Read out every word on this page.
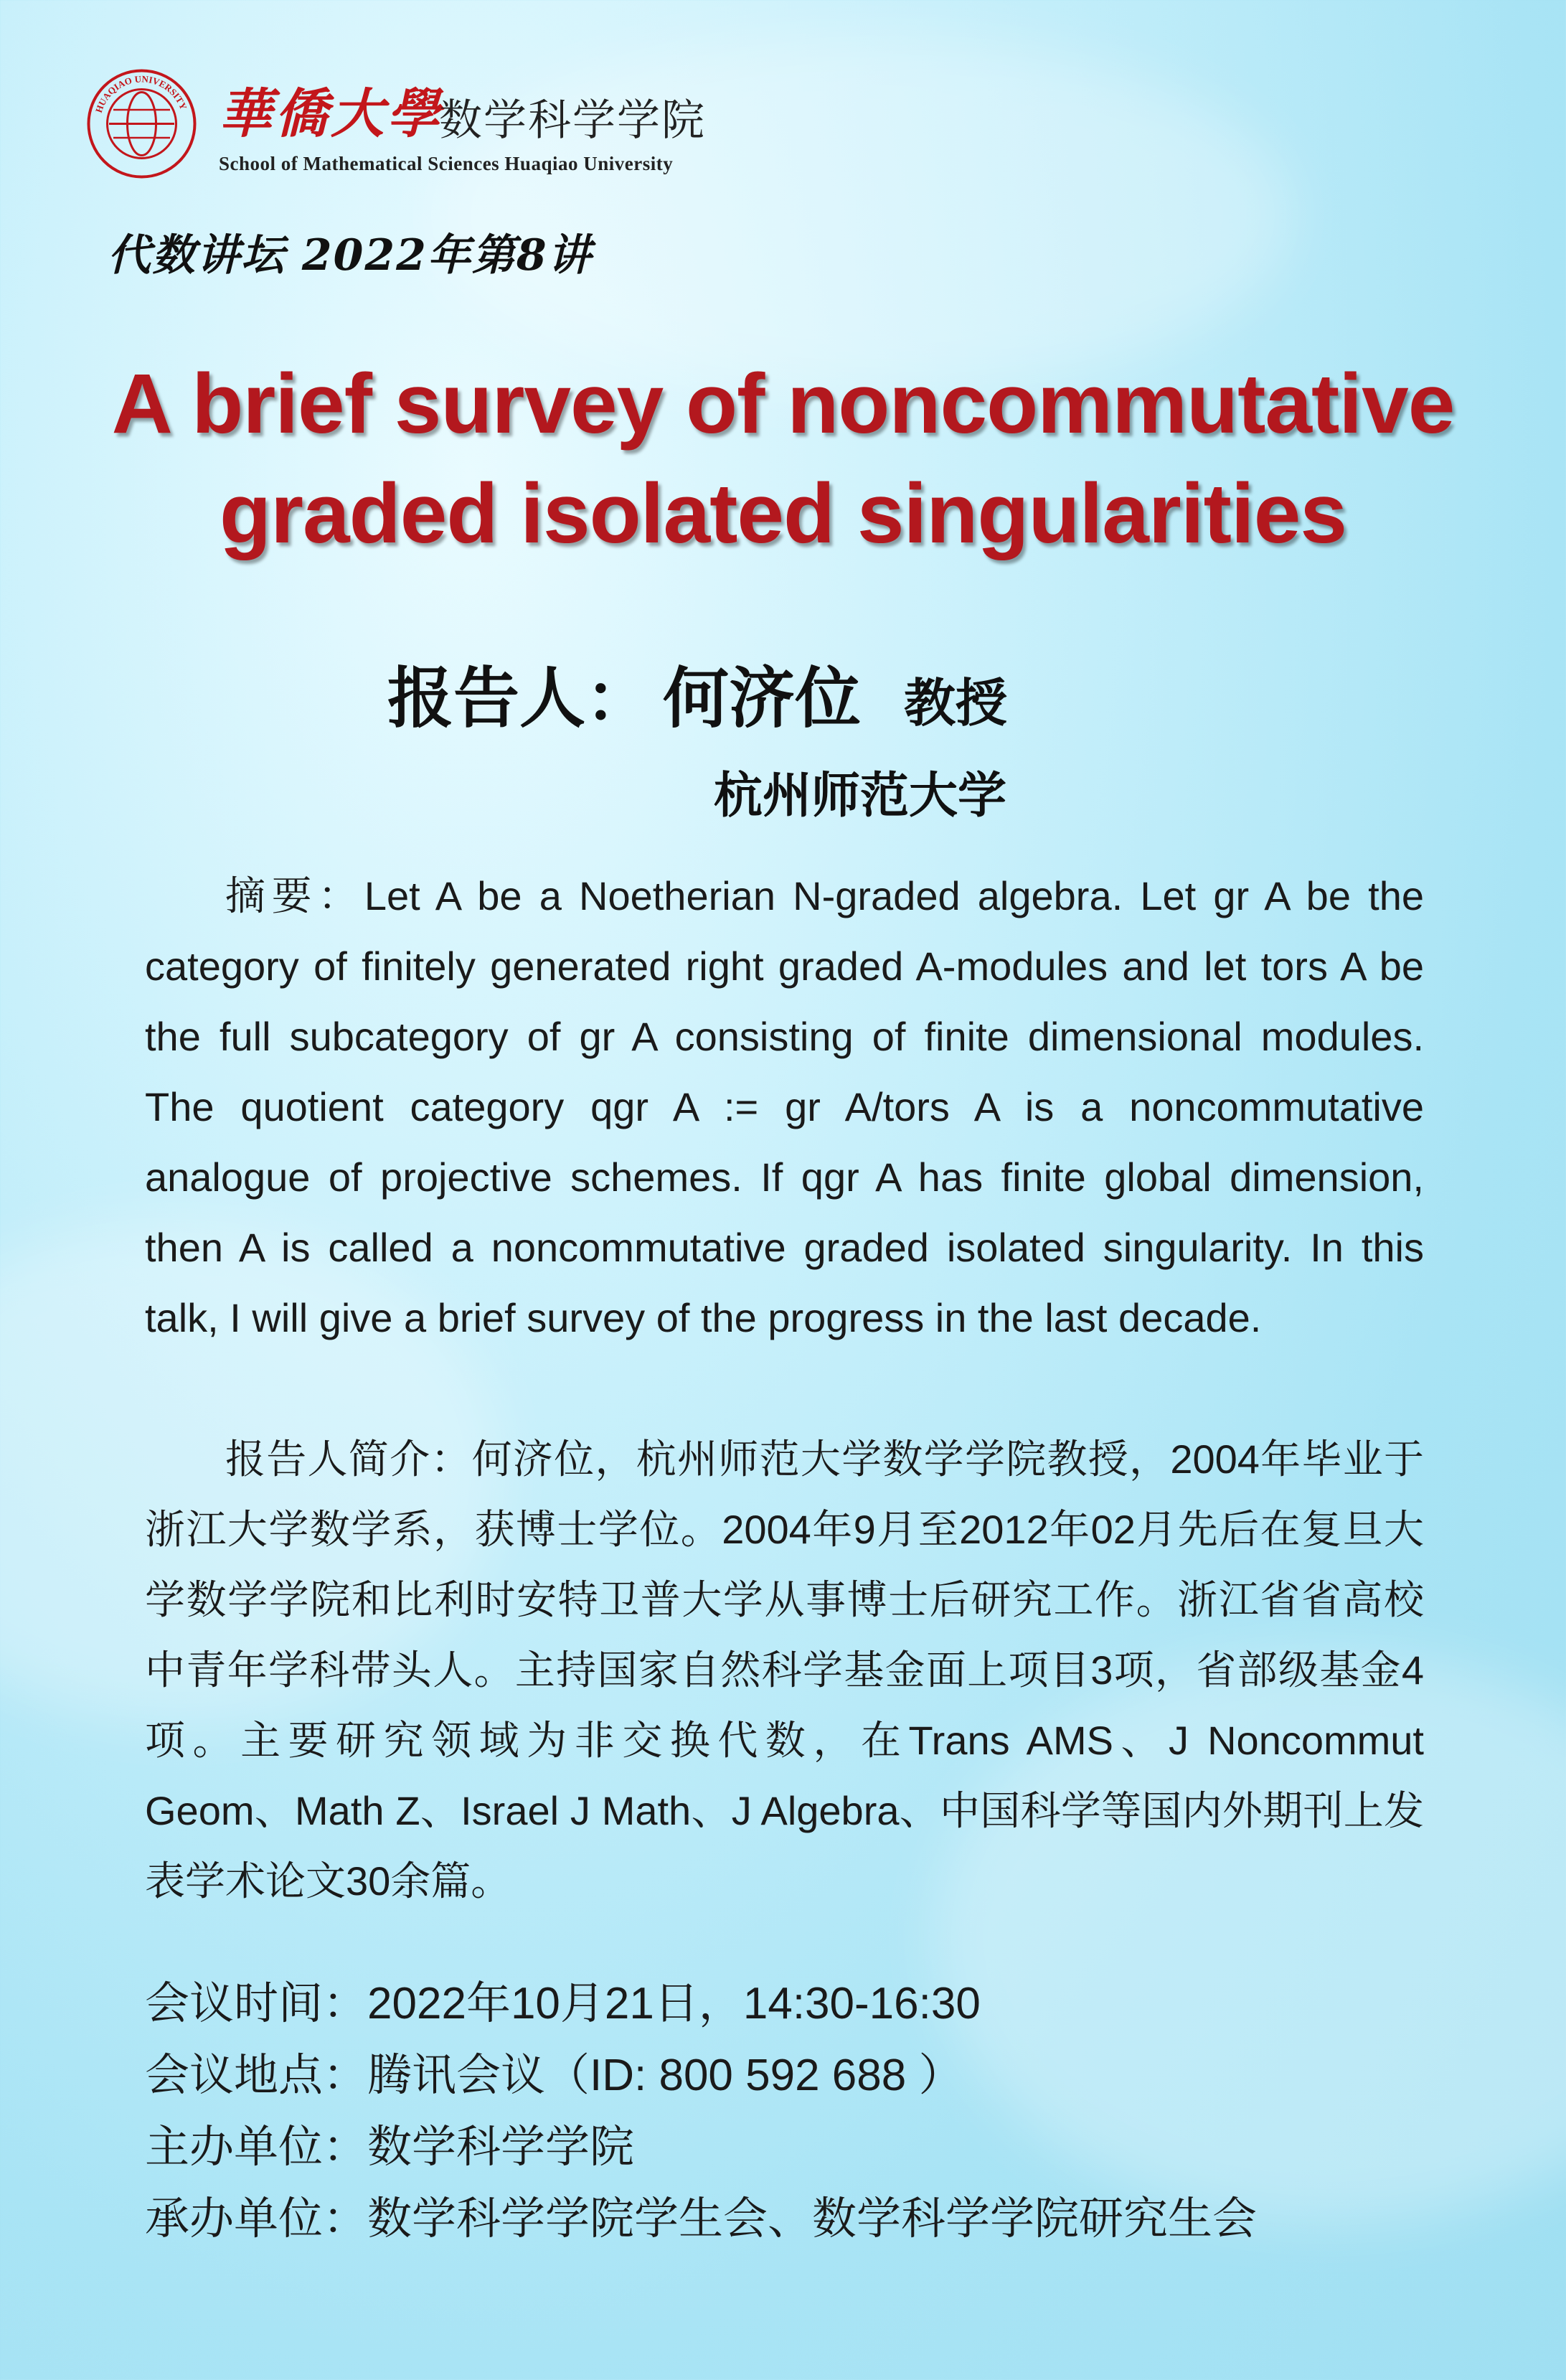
HUAQIAO UNIVERSITY 華僑大學
数学科学学院
School of Mathematical Sciences Huaqiao University
代数讲坛 2022年第8讲
A brief survey of noncommutative
graded isolated singularities
报告人： 何济位 教授
杭州师范大学
摘要：Let A be a Noetherian N-graded algebra. Let gr A be the category of finitely generated right graded A-modules and let tors A be the full subcategory of gr A consisting of finite dimensional modules. The quotient category qgr A := gr A/tors A is a noncommutative analogue of projective schemes. If qgr A has finite global dimension, then A is called a noncommutative graded isolated singularity. In this talk, I will give a brief survey of the progress in the last decade.
报告人简介：何济位，杭州师范大学数学学院教授，2004年毕业于浙江大学数学系，获博士学位。2004年9月至2012年02月先后在复旦大学数学学院和比利时安特卫普大学从事博士后研究工作。浙江省省高校中青年学科带头人。主持国家自然科学基金面上项目3项，省部级基金4项。主要研究领域为非交换代数，在Trans AMS、J Noncommut Geom、Math Z、Israel J Math、J Algebra、中国科学等国内外期刊上发表学术论文30余篇。
会议时间：2022年10月21日，14:30-16:30
会议地点：腾讯会议（ID: 800 592 688 ）
主办单位：数学科学学院
承办单位：数学科学学院学生会、数学科学学院研究生会
